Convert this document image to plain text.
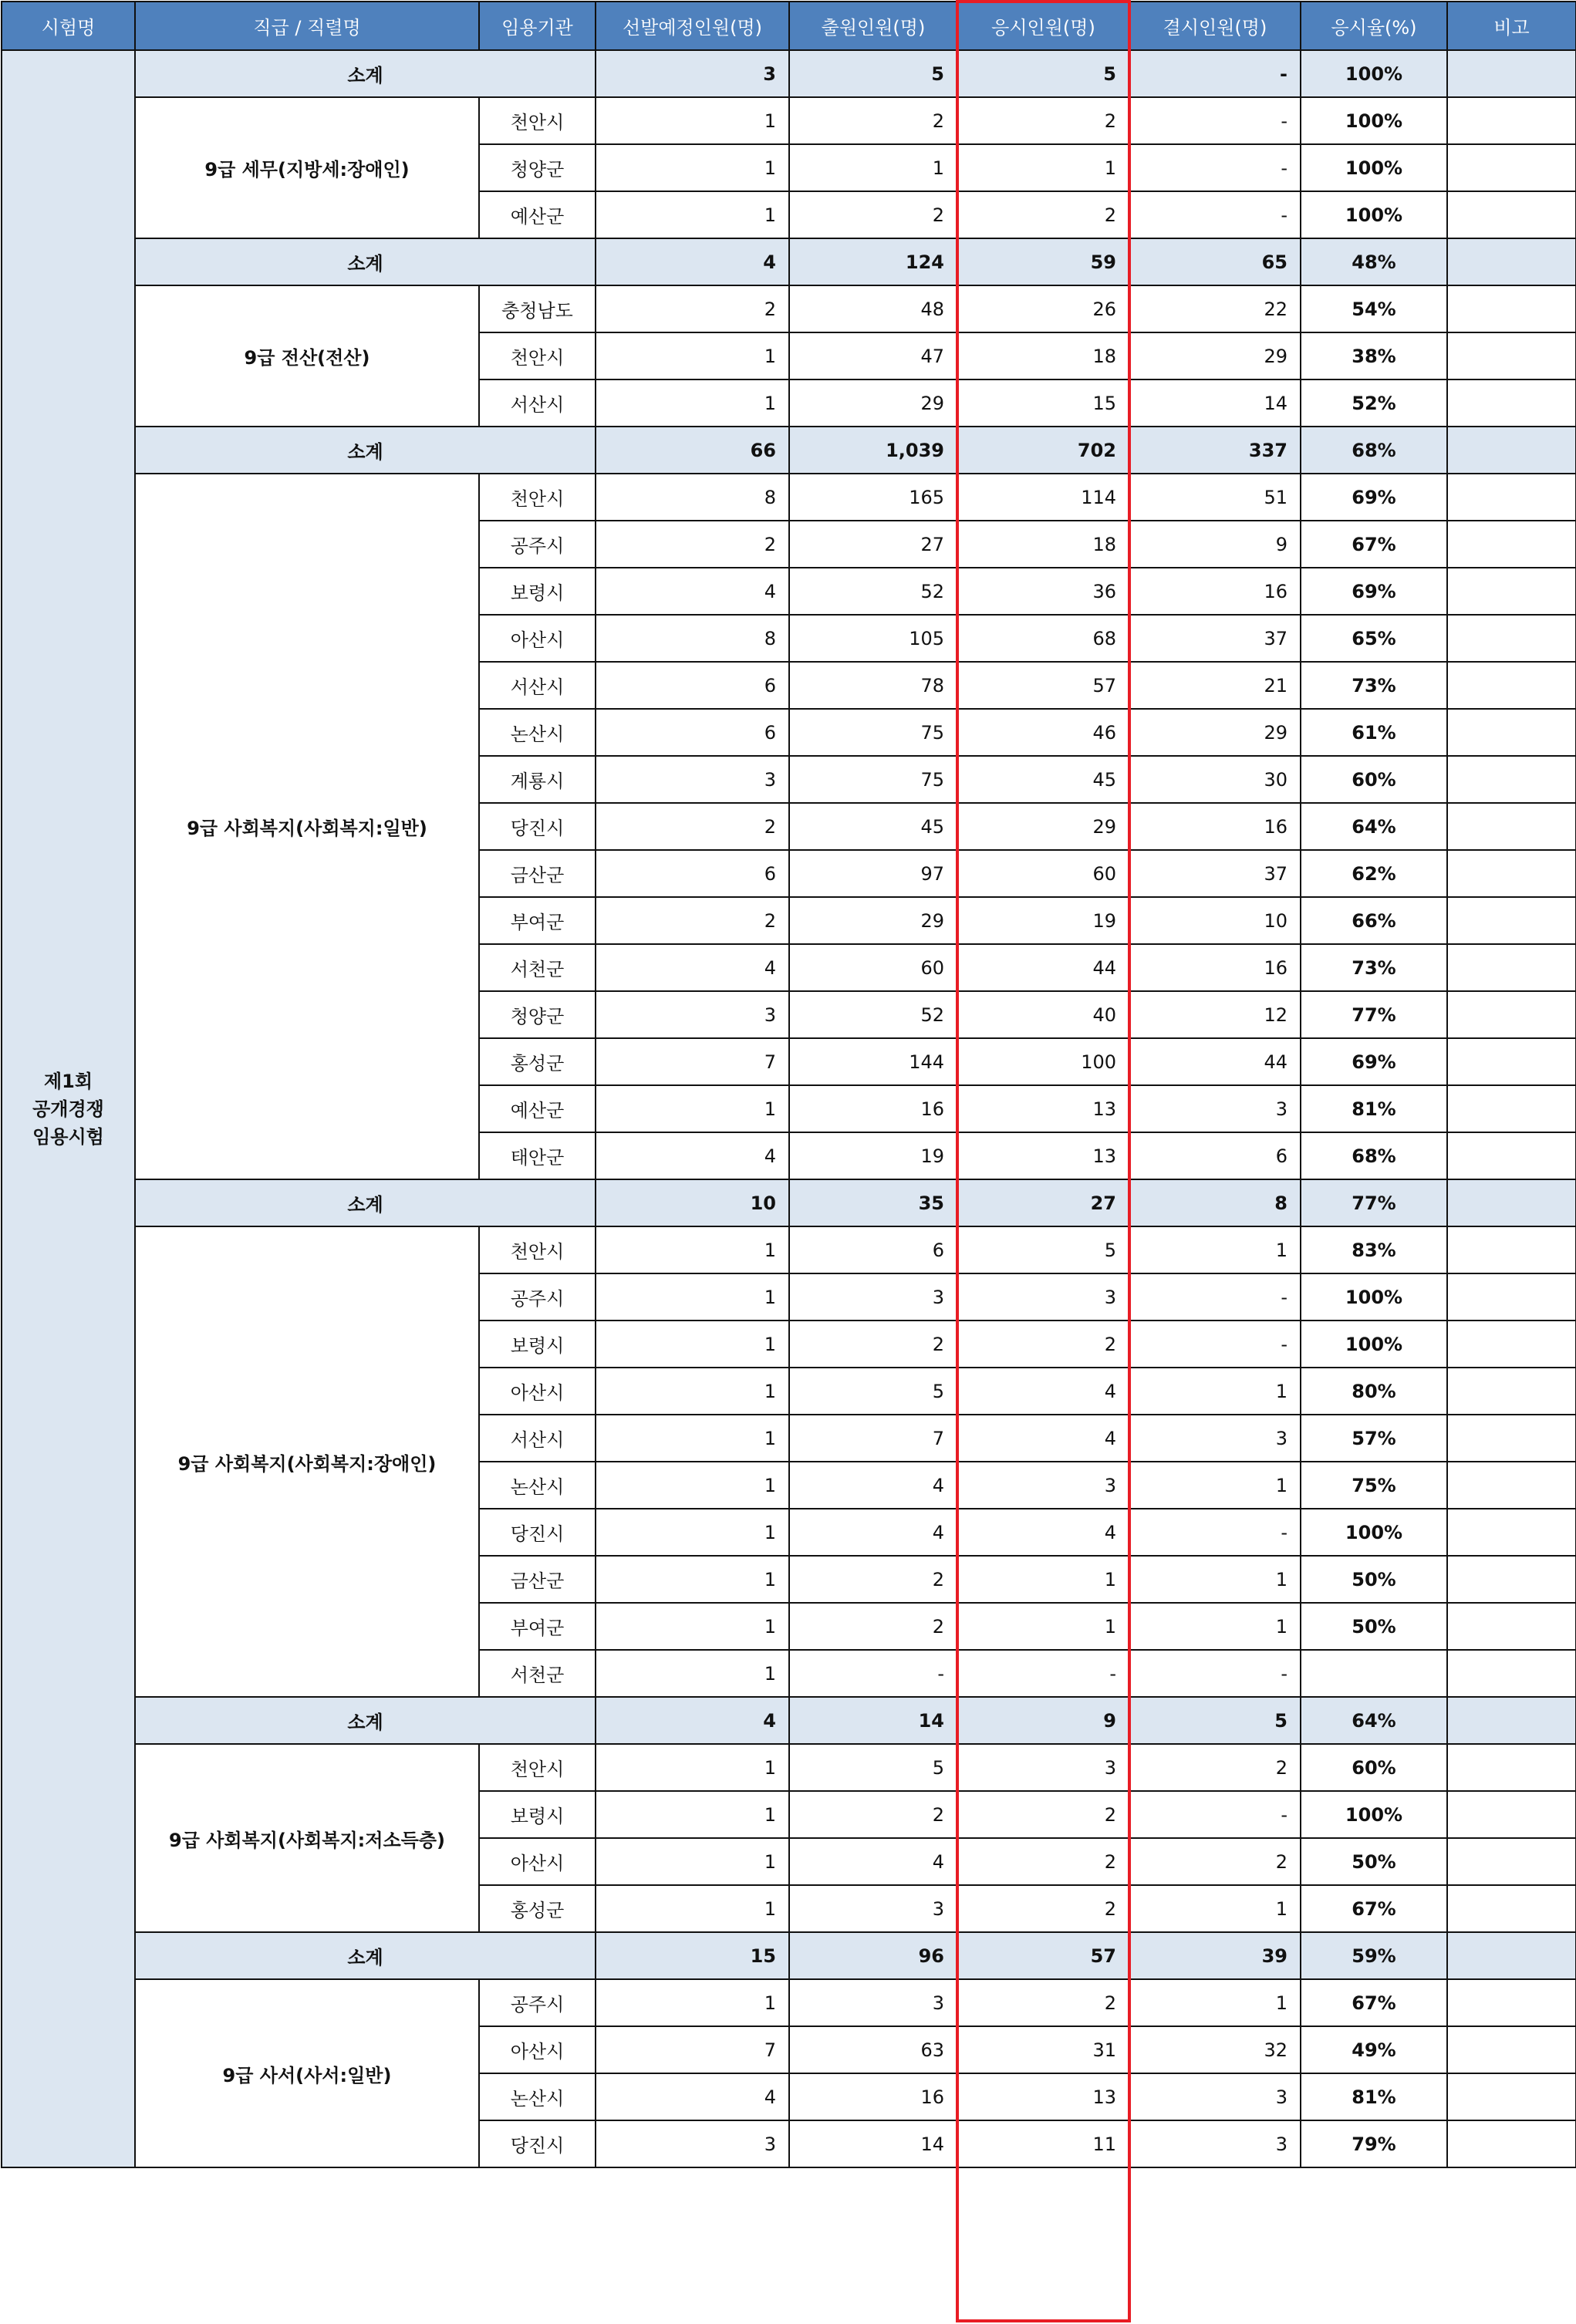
시험명	직급 / 직렬명	임용기관	선발예정인원(명)	출원인원(명)	응시인원(명)	결시인원(명)	응시율(%)	비고
제1회
공개경쟁
임용시험	소계		3	5	5	-	100%	
	9급 세무(지방세:장애인)	천안시	1	2	2	-	100%	
		청양군	1	1	1	-	100%	
		예산군	1	2	2	-	100%	
	소계		4	124	59	65	48%	
	9급 전산(전산)	충청남도	2	48	26	22	54%	
		천안시	1	47	18	29	38%	
		서산시	1	29	15	14	52%	
	소계		66	1,039	702	337	68%	
	9급 사회복지(사회복지:일반)	천안시	8	165	114	51	69%	
		공주시	2	27	18	9	67%	
		보령시	4	52	36	16	69%	
		아산시	8	105	68	37	65%	
		서산시	6	78	57	21	73%	
		논산시	6	75	46	29	61%	
		계룡시	3	75	45	30	60%	
		당진시	2	45	29	16	64%	
		금산군	6	97	60	37	62%	
		부여군	2	29	19	10	66%	
		서천군	4	60	44	16	73%	
		청양군	3	52	40	12	77%	
		홍성군	7	144	100	44	69%	
		예산군	1	16	13	3	81%	
		태안군	4	19	13	6	68%	
	소계		10	35	27	8	77%	
	9급 사회복지(사회복지:장애인)	천안시	1	6	5	1	83%	
		공주시	1	3	3	-	100%	
		보령시	1	2	2	-	100%	
		아산시	1	5	4	1	80%	
		서산시	1	7	4	3	57%	
		논산시	1	4	3	1	75%	
		당진시	1	4	4	-	100%	
		금산군	1	2	1	1	50%	
		부여군	1	2	1	1	50%	
		서천군	1	-	-	-		
	소계		4	14	9	5	64%	
	9급 사회복지(사회복지:저소득층)	천안시	1	5	3	2	60%	
		보령시	1	2	2	-	100%	
		아산시	1	4	2	2	50%	
		홍성군	1	3	2	1	67%	
	소계		15	96	57	39	59%	
	9급 사서(사서:일반)	공주시	1	3	2	1	67%	
		아산시	7	63	31	32	49%	
		논산시	4	16	13	3	81%	
		당진시	3	14	11	3	79%	
